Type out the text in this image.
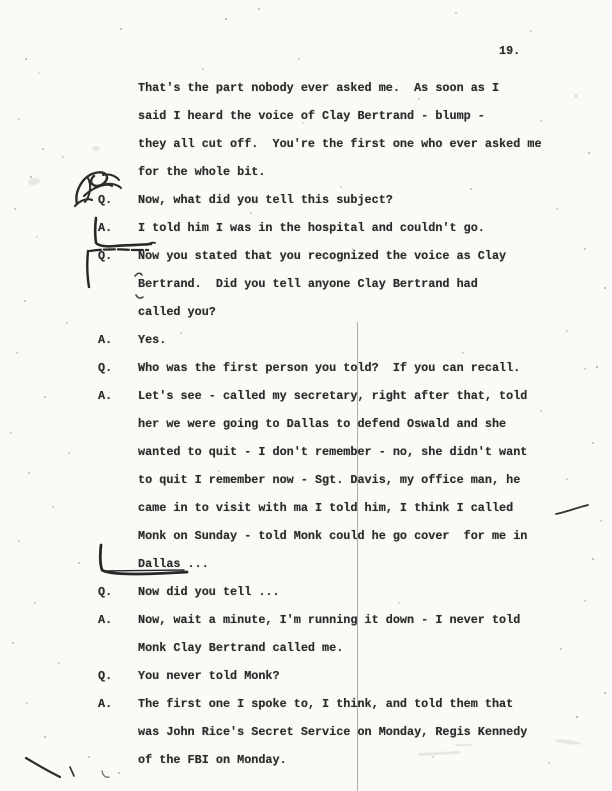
19.
That's the part nobody ever asked me.  As soon as I
said I heard the voice of Clay Bertrand - blump -
they all cut off.  You're the first one who ever asked me
for the whole bit.
Q.	Now, what did you tell this subject?
A.	I told him I was in the hospital and couldn't go.
Q.	Now you stated that you recognized the voice as Clay
Bertrand.  Did you tell anyone Clay Bertrand had
called you?
A.	Yes.
Q.	Who was the first person you told?  If you can recall.
A.	Let's see - called my secretary, right after that, told
her we were going to Dallas to defend Oswald and she
wanted to quit - I don't remember - no, she didn't want
to quit I remember now - Sgt. Davis, my office man, he
came in to visit with ma I told him, I think I called
Monk on Sunday - told Monk could he go cover  for me in
Dallas ...
Q.	Now did you tell ...
A.	Now, wait a minute, I'm running it down - I never told
Monk Clay Bertrand called me.
Q.	You never told Monk?
A.	The first one I spoke to, I think, and told them that
was John Rice's Secret Service on Monday, Regis Kennedy
of the FBI on Monday.
